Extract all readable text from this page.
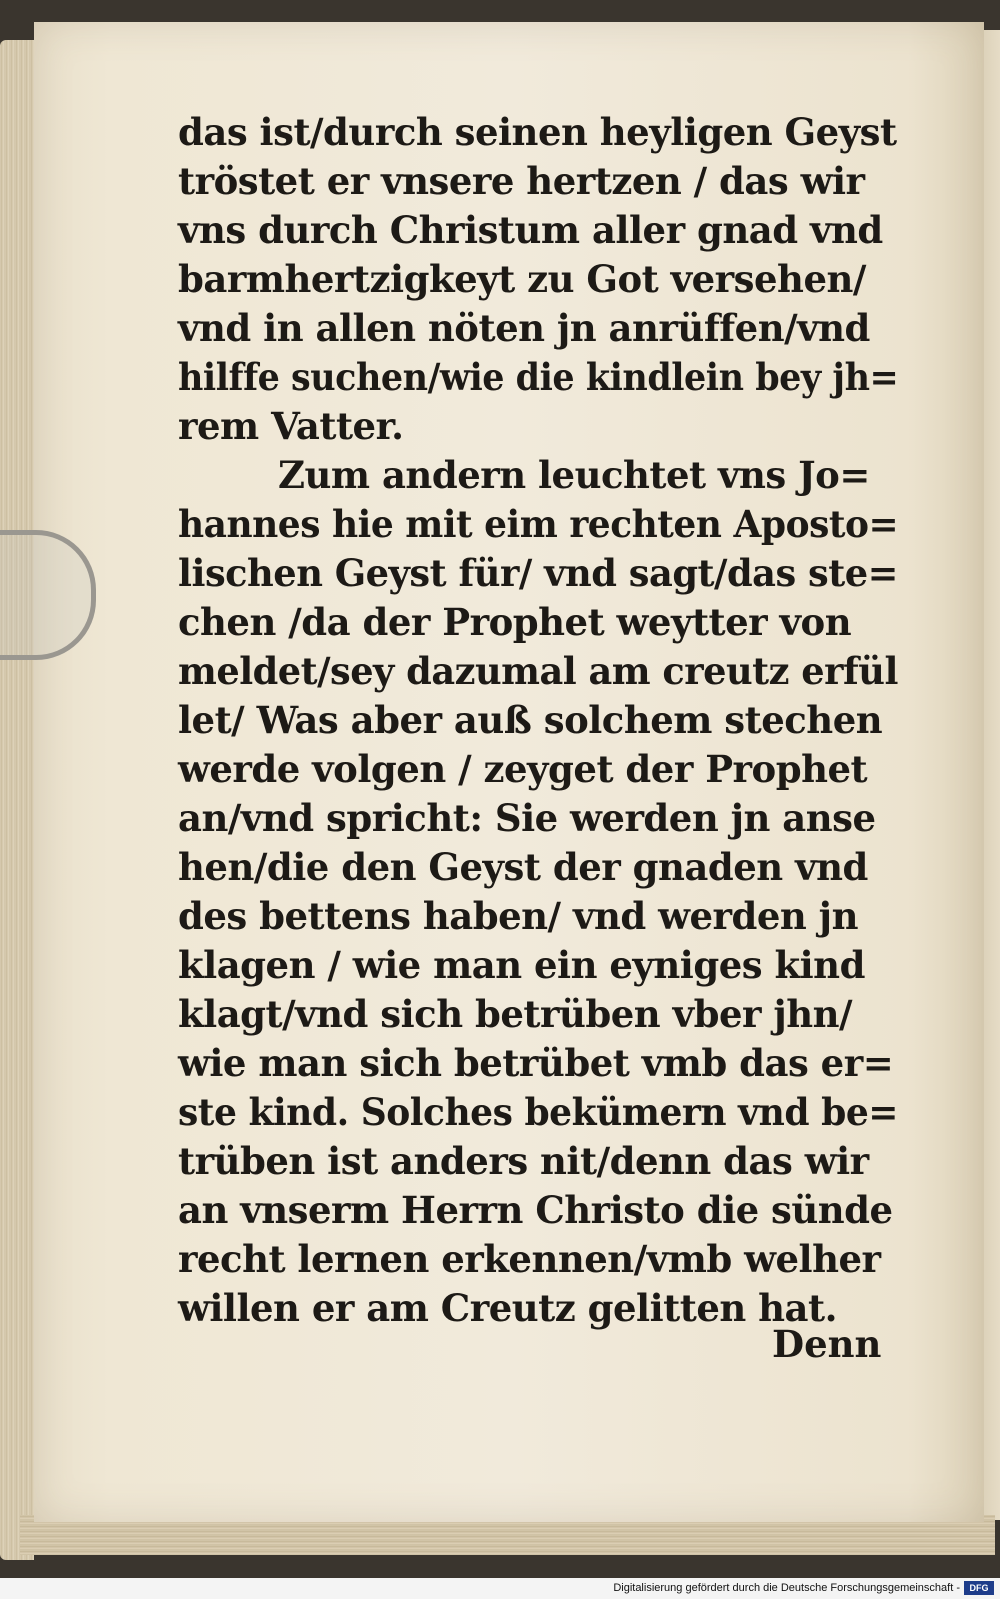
das ist/durch seinen heyligen Geyst
tröstet er vnsere hertzen / das wir
vns durch Christum aller gnad vnd
barmhertzigkeyt zu Got versehen/
vnd in allen nöten jn anrüffen/vnd
hilffe suchen/wie die kindlein bey jh=
rem Vatter.
Zum andern leuchtet vns Jo=
hannes hie mit eim rechten Aposto=
lischen Geyst für/ vnd sagt/das ste=
chen /da der Prophet weytter von
meldet/sey dazumal am creutz erfül
let/ Was aber auß solchem stechen
werde volgen / zeyget der Prophet
an/vnd spricht: Sie werden jn anse
hen/die den Geyst der gnaden vnd
des bettens haben/ vnd werden jn
klagen / wie man ein eyniges kind
klagt/vnd sich betrüben vber jhn/
wie man sich betrübet vmb das er=
ste kind. Solches bekümern vnd be=
trüben ist anders nit/denn das wir
an vnserm Herrn Christo die sünde
recht lernen erkennen/vmb welher
willen er am Creutz gelitten hat.
Denn
Digitalisierung gefördert durch die Deutsche Forschungsgemeinschaft -	DFG
